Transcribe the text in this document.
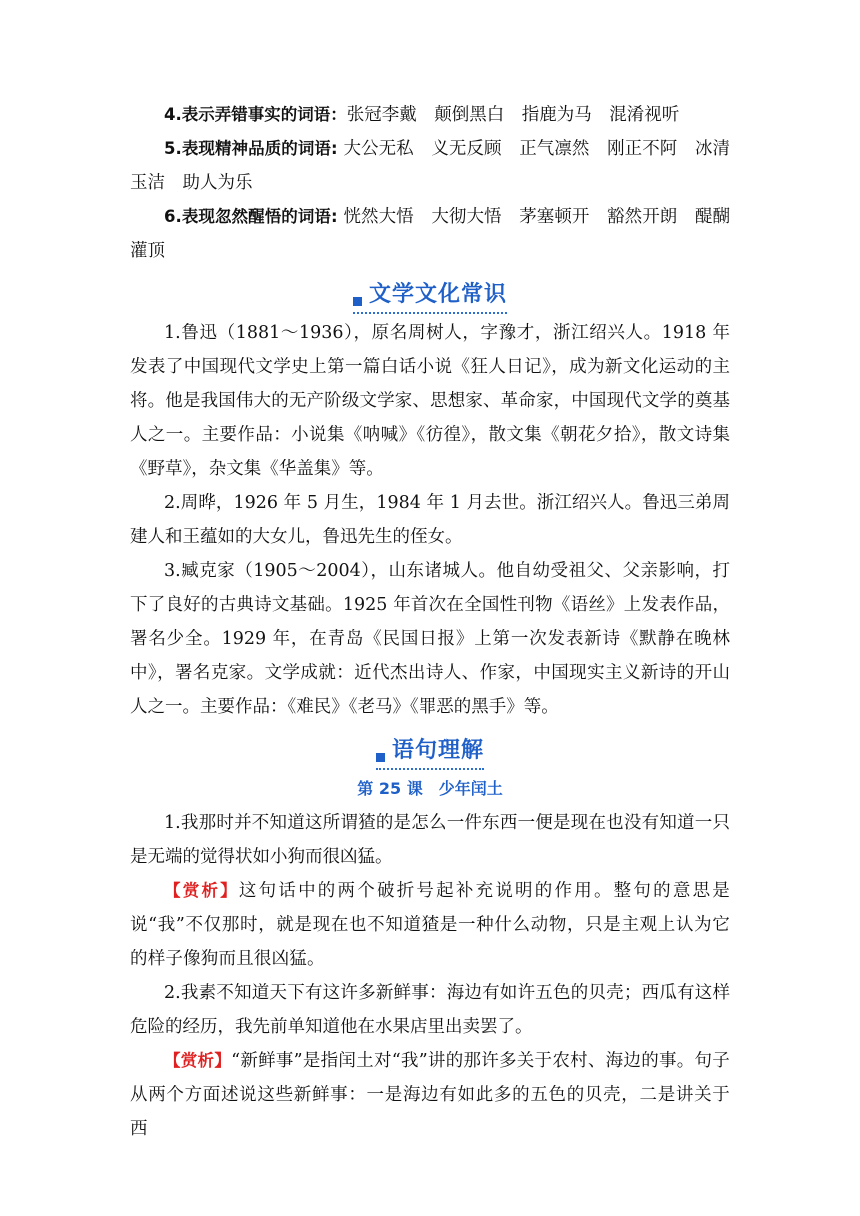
4.表示弄错事实的词语：张冠李戴　颠倒黑白　指鹿为马　混淆视听

5.表现精神品质的词语: 大公无私　义无反顾　正气凛然　刚正不阿　冰清玉洁　助人为乐

6.表现忽然醒悟的词语: 恍然大悟　大彻大悟　茅塞顿开　豁然开朗　醍醐灌顶

文学文化常识

1.鲁迅（1881～1936），原名周树人，字豫才，浙江绍兴人。1918 年发表了中国现代文学史上第一篇白话小说《狂人日记》，成为新文化运动的主将。他是我国伟大的无产阶级文学家、思想家、革命家，中国现代文学的奠基人之一。主要作品：小说集《呐喊》《彷徨》，散文集《朝花夕拾》，散文诗集《野草》，杂文集《华盖集》等。

2.周晔，1926 年 5 月生，1984 年 1 月去世。浙江绍兴人。鲁迅三弟周建人和王蕴如的大女儿，鲁迅先生的侄女。

3.臧克家（1905～2004），山东诸城人。他自幼受祖父、父亲影响，打下了良好的古典诗文基础。1925 年首次在全国性刊物《语丝》上发表作品，署名少全。1929 年，在青岛《民国日报》上第一次发表新诗《默静在晚林中》，署名克家。文学成就：近代杰出诗人、作家，中国现实主义新诗的开山人之一。主要作品：《难民》《老马》《罪恶的黑手》等。

语句理解

第 25 课　少年闰土

1.我那时并不知道这所谓猹的是怎么一件东西一便是现在也没有知道一只是无端的觉得状如小狗而很凶猛。

【赏析】这句话中的两个破折号起补充说明的作用。整句的意思是说“我”不仅那时，就是现在也不知道猹是一种什么动物，只是主观上认为它的样子像狗而且很凶猛。

2.我素不知道天下有这许多新鲜事：海边有如许五色的贝壳；西瓜有这样危险的经历，我先前单知道他在水果店里出卖罢了。

【赏析】“新鲜事”是指闰土对“我”讲的那许多关于农村、海边的事。句子从两个方面述说这些新鲜事：一是海边有如此多的五色的贝壳，二是讲关于西
